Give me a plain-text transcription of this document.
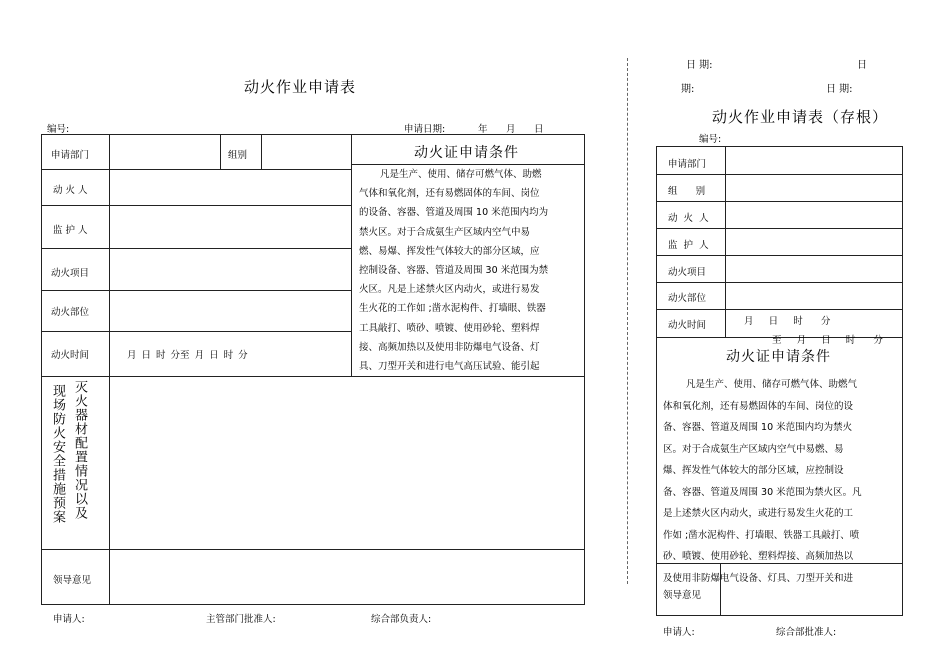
动火作业申请表
编号:	申请日期:	年 月 日
申请部门	组别
动 火 人
监 护 人
动火项目
动火部位
动火时间	月 日 时 分至 月 日 时 分
现场防火安全措施预案 灭火器材配置情况以及
领导意见
动火证申请条件
凡是生产、使用、储存可燃气体、助燃
气体和氧化剂，还有易燃固体的车间、岗位
的设备、容器、管道及周围 10 米范围内均为
禁火区。对于合成氨生产区域内空气中易
燃、易爆、挥发性气体较大的部分区域，应
控制设备、容器、管道及周围 30 米范围为禁
火区。凡是上述禁火区内动火，或进行易发
生火花的工作如 ;凿水泥构件、打墙眼、铁器
工具敲打、喷砂、喷镀、使用砂轮、塑料焊
接、高频加热以及使用非防爆电气设备、灯
具、刀型开关和进行电气高压试验、能引起
申请人:	主管部门批准人:	综合部负责人:
日 期:	日
期:	日 期:
动火作业申请表（存根）
编号:
申请部门
组      别
动  火  人
监  护  人
动火项目
动火部位
动火时间	月     日     时      分
至     月     日     时      分
动火证申请条件
凡是生产、使用、储存可燃气体、助燃气
体和氧化剂，还有易燃固体的车间、岗位的设
备、容器、管道及周围 10 米范围内均为禁火
区。对于合成氨生产区域内空气中易燃、易
爆、挥发性气体较大的部分区域，应控制设
备、容器、管道及周围 30 米范围为禁火区。凡
是上述禁火区内动火，或进行易发生火花的工
作如 ;凿水泥构件、打墙眼、铁器工具敲打、喷
砂、喷镀、使用砂轮、塑料焊接、高频加热以
及使用非防爆电气设备、灯具、刀型开关和进
领导意见
申请人:	综合部批准人:
